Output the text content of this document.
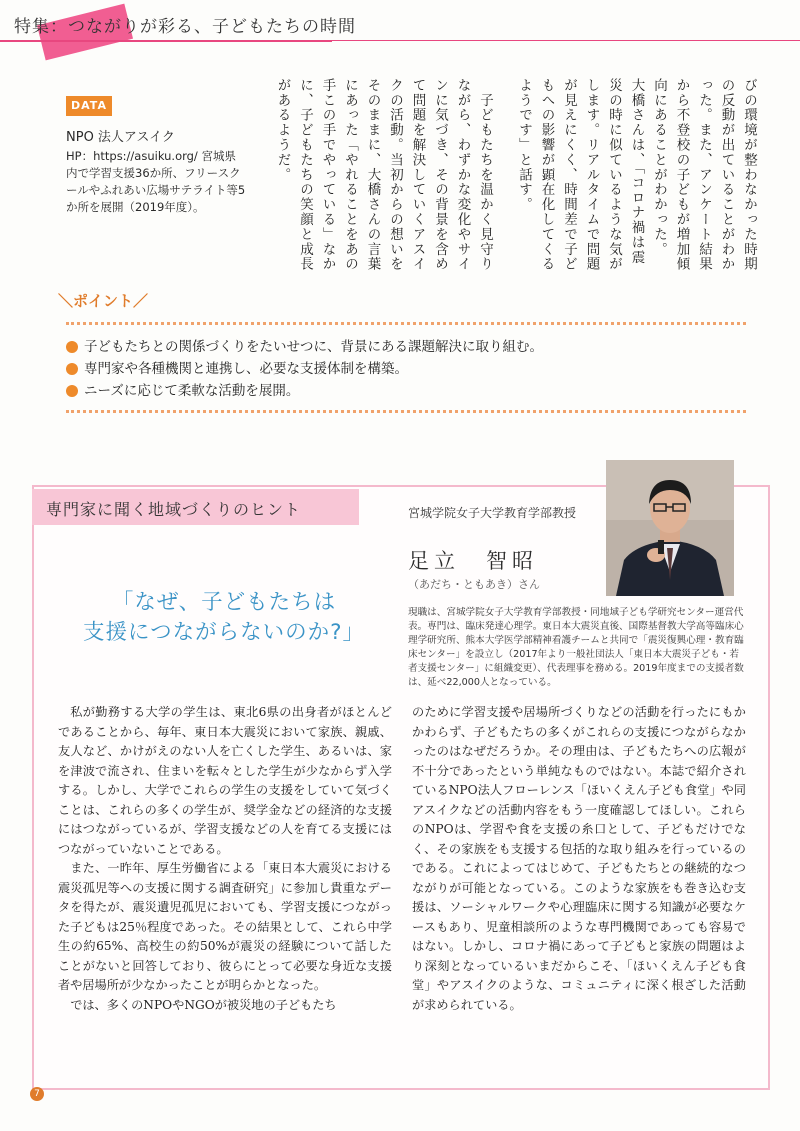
特集：つながりが彩る、子どもたちの時間
DATA
NPO 法人アスイク
HP：https://asuiku.org/ 宮城県内で学習支援36か所、フリースクールやふれあい広場サテライト等5か所を展開（2019年度）。	びの環境が整わなかった時期の反動が出ていることがわかった。また、アンケート結果から不登校の子どもが増加傾向にあることがわかった。　大橋さんは、「コロナ禍は震災の時に似ているような気がします。リアルタイムで問題が見えにくく、時間差で子どもへの影響が顕在化してくるようです」と話す。
　子どもたちを温かく見守りながら、わずかな変化やサインに気づき、その背景を含めて問題を解決していくアスイクの活動。当初からの想いをそのままに、大橋さんの言葉にあった「やれることをあの手この手でやっている」なかに、子どもたちの笑顔と成長があるようだ。
＼ポイント／
子どもたちとの関係づくりをたいせつに、背景にある課題解決に取り組む。
専門家や各種機関と連携し、必要な支援体制を構築。
ニーズに応じて柔軟な活動を展開。
専門家に聞く地域づくりのヒント	宮城学院女子大学教育学部教授
足立　智昭
（あだち・ともあき）さん
「なぜ、子どもたちは
支援につながらないのか?」
現職は、宮城学院女子大学教育学部教授・同地域子ども学研究センター運営代表。専門は、臨床発達心理学。東日本大震災直後、国際基督教大学高等臨床心理学研究所、熊本大学医学部精神看護チームと共同で「震災復興心理・教育臨床センター」を設立し（2017年より一般社団法人「東日本大震災子ども・若者支援センター」に組織変更）、代表理事を務める。2019年度までの支援者数は、延べ22,000人となっている。

私が勤務する大学の学生は、東北6県の出身者がほとんどであることから、毎年、東日本大震災において家族、親戚、友人など、かけがえのない人を亡くした学生、あるいは、家を津波で流され、住まいを転々とした学生が少なからず入学する。しかし、大学でこれらの学生の支援をしていて気づくことは、これらの多くの学生が、奨学金などの経済的な支援にはつながっているが、学習支援などの人を育てる支援にはつながっていないことである。

また、一昨年、厚生労働省による「東日本大震災における震災孤児等への支援に関する調査研究」に参加し貴重なデータを得たが、震災遺児孤児においても、学習支援につながった子どもは25％程度であった。その結果として、これら中学生の約65%、高校生の約50%が震災の経験について話したことがないと回答しており、彼らにとって必要な身近な支援者や居場所が少なかったことが明らかとなった。

では、多くのNPOやNGOが被災地の子どもたち

のために学習支援や居場所づくりなどの活動を行ったにもかかわらず、子どもたちの多くがこれらの支援につながらなかったのはなぜだろうか。その理由は、子どもたちへの広報が不十分であったという単純なものではない。本誌で紹介されているNPO法人フローレンス「ほいくえん子ども食堂」や同アスイクなどの活動内容をもう一度確認してほしい。これらのNPOは、学習や食を支援の糸口として、子どもだけでなく、その家族をも支援する包括的な取り組みを行っているのである。これによってはじめて、子どもたちとの継続的なつながりが可能となっている。このような家族をも巻き込む支援は、ソーシャルワークや心理臨床に関する知識が必要なケースもあり、児童相談所のような専門機関であっても容易ではない。しかし、コロナ禍にあって子どもと家族の問題はより深刻となっているいまだからこそ、「ほいくえん子ども食堂」やアスイクのような、コミュニティに深く根ざした活動が求められている。

7
